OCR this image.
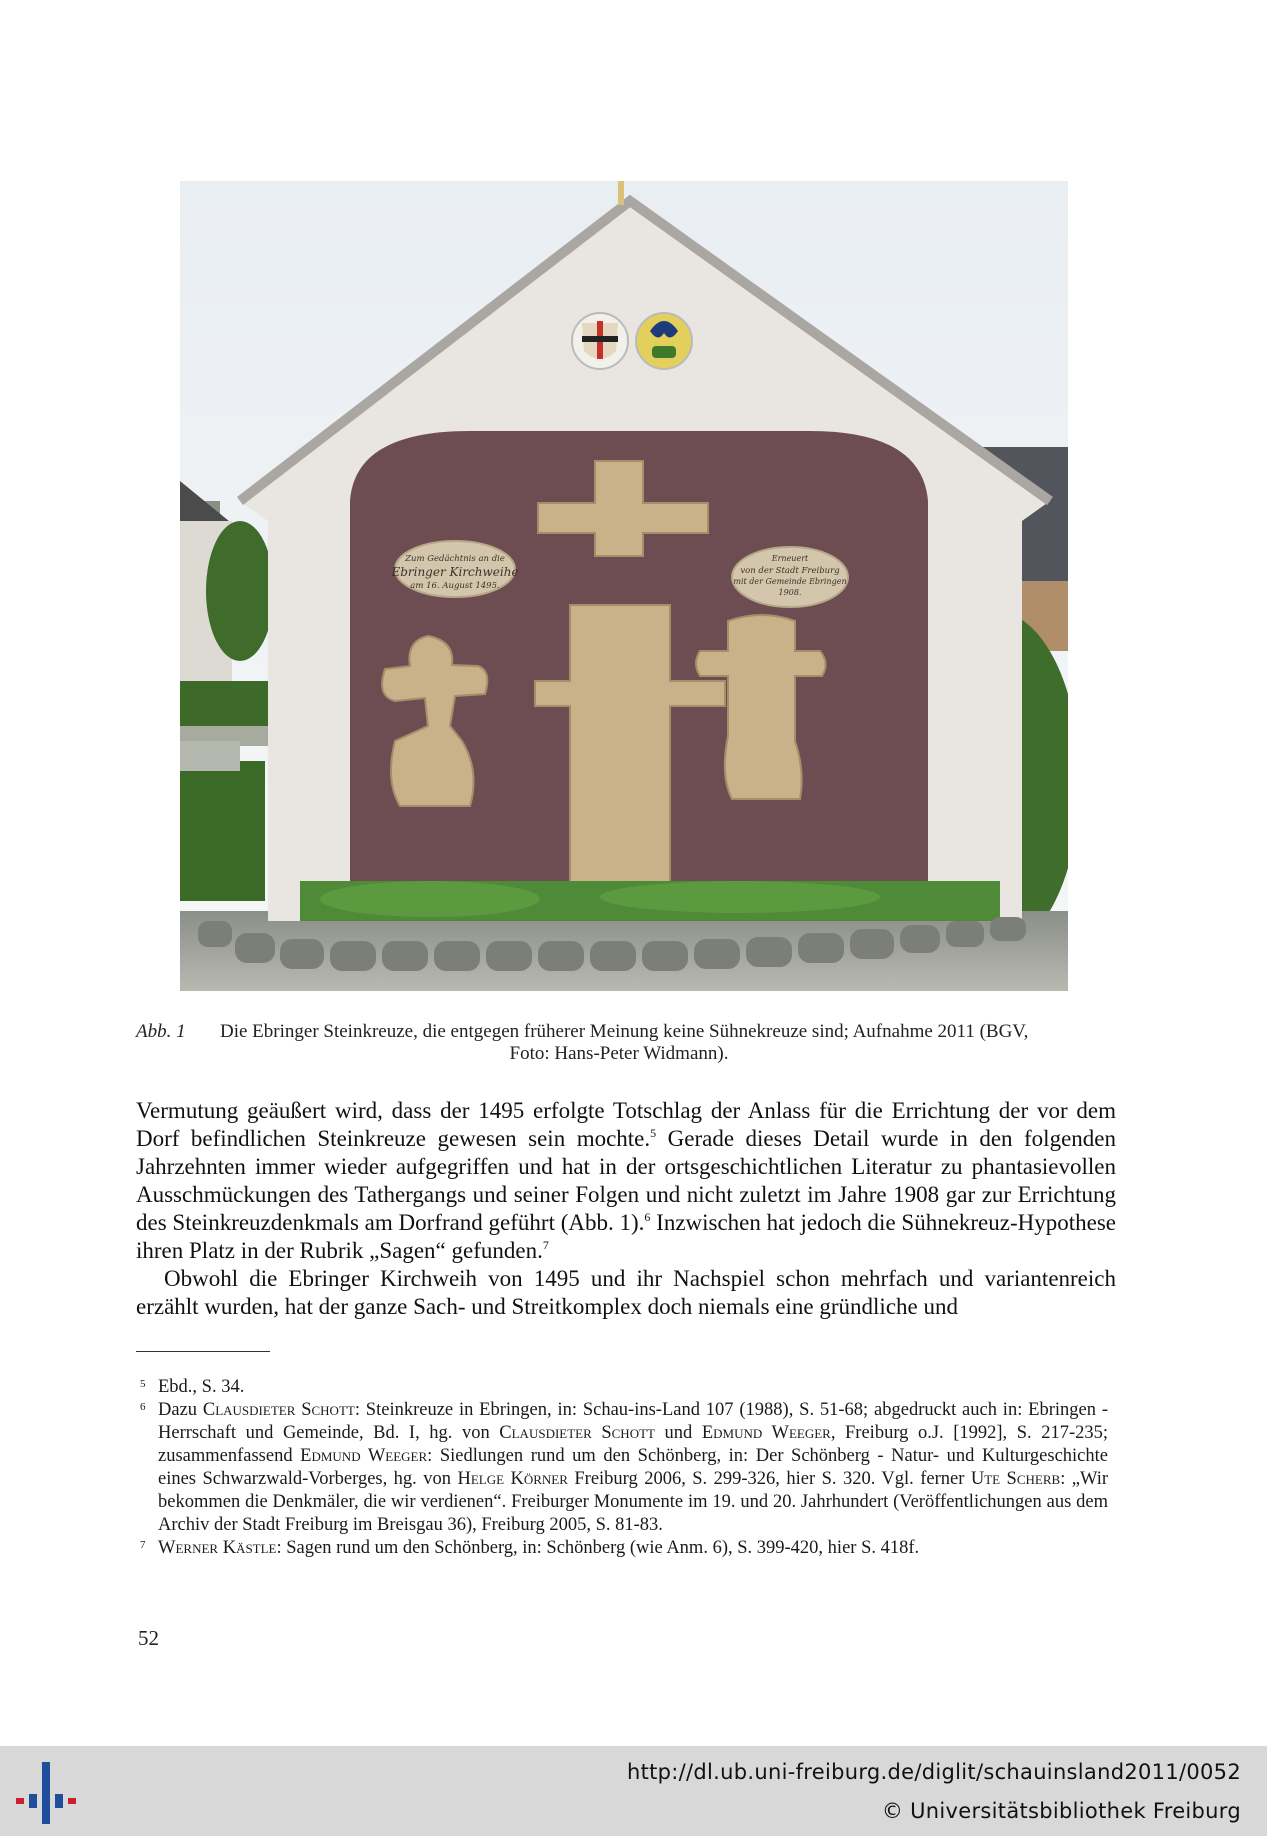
Zum Gedächtnis an die
Ebringer Kirchweihe
am 16. August 1495.
Erneuert
von der Stadt Freiburg
mit der Gemeinde Ebringen
1908.
Abb. 1 Die Ebringer Steinkreuze, die entgegen früherer Meinung keine Sühnekreuze sind; Aufnahme 2011 (BGV,
Foto: Hans-Peter Widmann).

Vermutung geäußert wird, dass der 1495 erfolgte Totschlag der Anlass für die Errichtung der vor dem Dorf befindlichen Steinkreuze gewesen sein mochte.$^5$ Gerade dieses Detail wurde in den folgenden Jahrzehnten immer wieder aufgegriffen und hat in der ortsgeschichtlichen Literatur zu phantasievollen Ausschmückungen des Tathergangs und seiner Folgen und nicht zuletzt im Jahre 1908 gar zur Errichtung des Steinkreuzdenkmals am Dorfrand geführt (Abb. 1).$^6$ Inzwischen hat jedoch die Sühnekreuz-Hypothese ihren Platz in der Rubrik „Sagen“ gefunden.$^7$

Obwohl die Ebringer Kirchweih von 1495 und ihr Nachspiel schon mehrfach und variantenreich erzählt wurden, hat der ganze Sach- und Streitkomplex doch niemals eine gründliche und

5 Ebd., S. 34.
6 Dazu Clausdieter Schott: Steinkreuze in Ebringen, in: Schau-ins-Land 107 (1988), S. 51-68; abgedruckt auch in: Ebringen - Herrschaft und Gemeinde, Bd. I, hg. von Clausdieter Schott und Edmund Weeger, Freiburg o.J. [1992], S. 217-235; zusammenfassend Edmund Weeger: Siedlungen rund um den Schönberg, in: Der Schönberg - Natur- und Kulturgeschichte eines Schwarzwald-Vorberges, hg. von Helge Körner Freiburg 2006, S. 299-326, hier S. 320. Vgl. ferner Ute Scherb: „Wir bekommen die Denkmäler, die wir verdienen“. Freiburger Monumente im 19. und 20. Jahrhundert (Veröffentlichungen aus dem Archiv der Stadt Freiburg im Breisgau 36), Freiburg 2005, S. 81-83.
7 Werner Kästle: Sagen rund um den Schönberg, in: Schönberg (wie Anm. 6), S. 399-420, hier S. 418f.
52
http://dl.ub.uni-freiburg.de/diglit/schauinsland2011/0052
© Universitätsbibliothek Freiburg
